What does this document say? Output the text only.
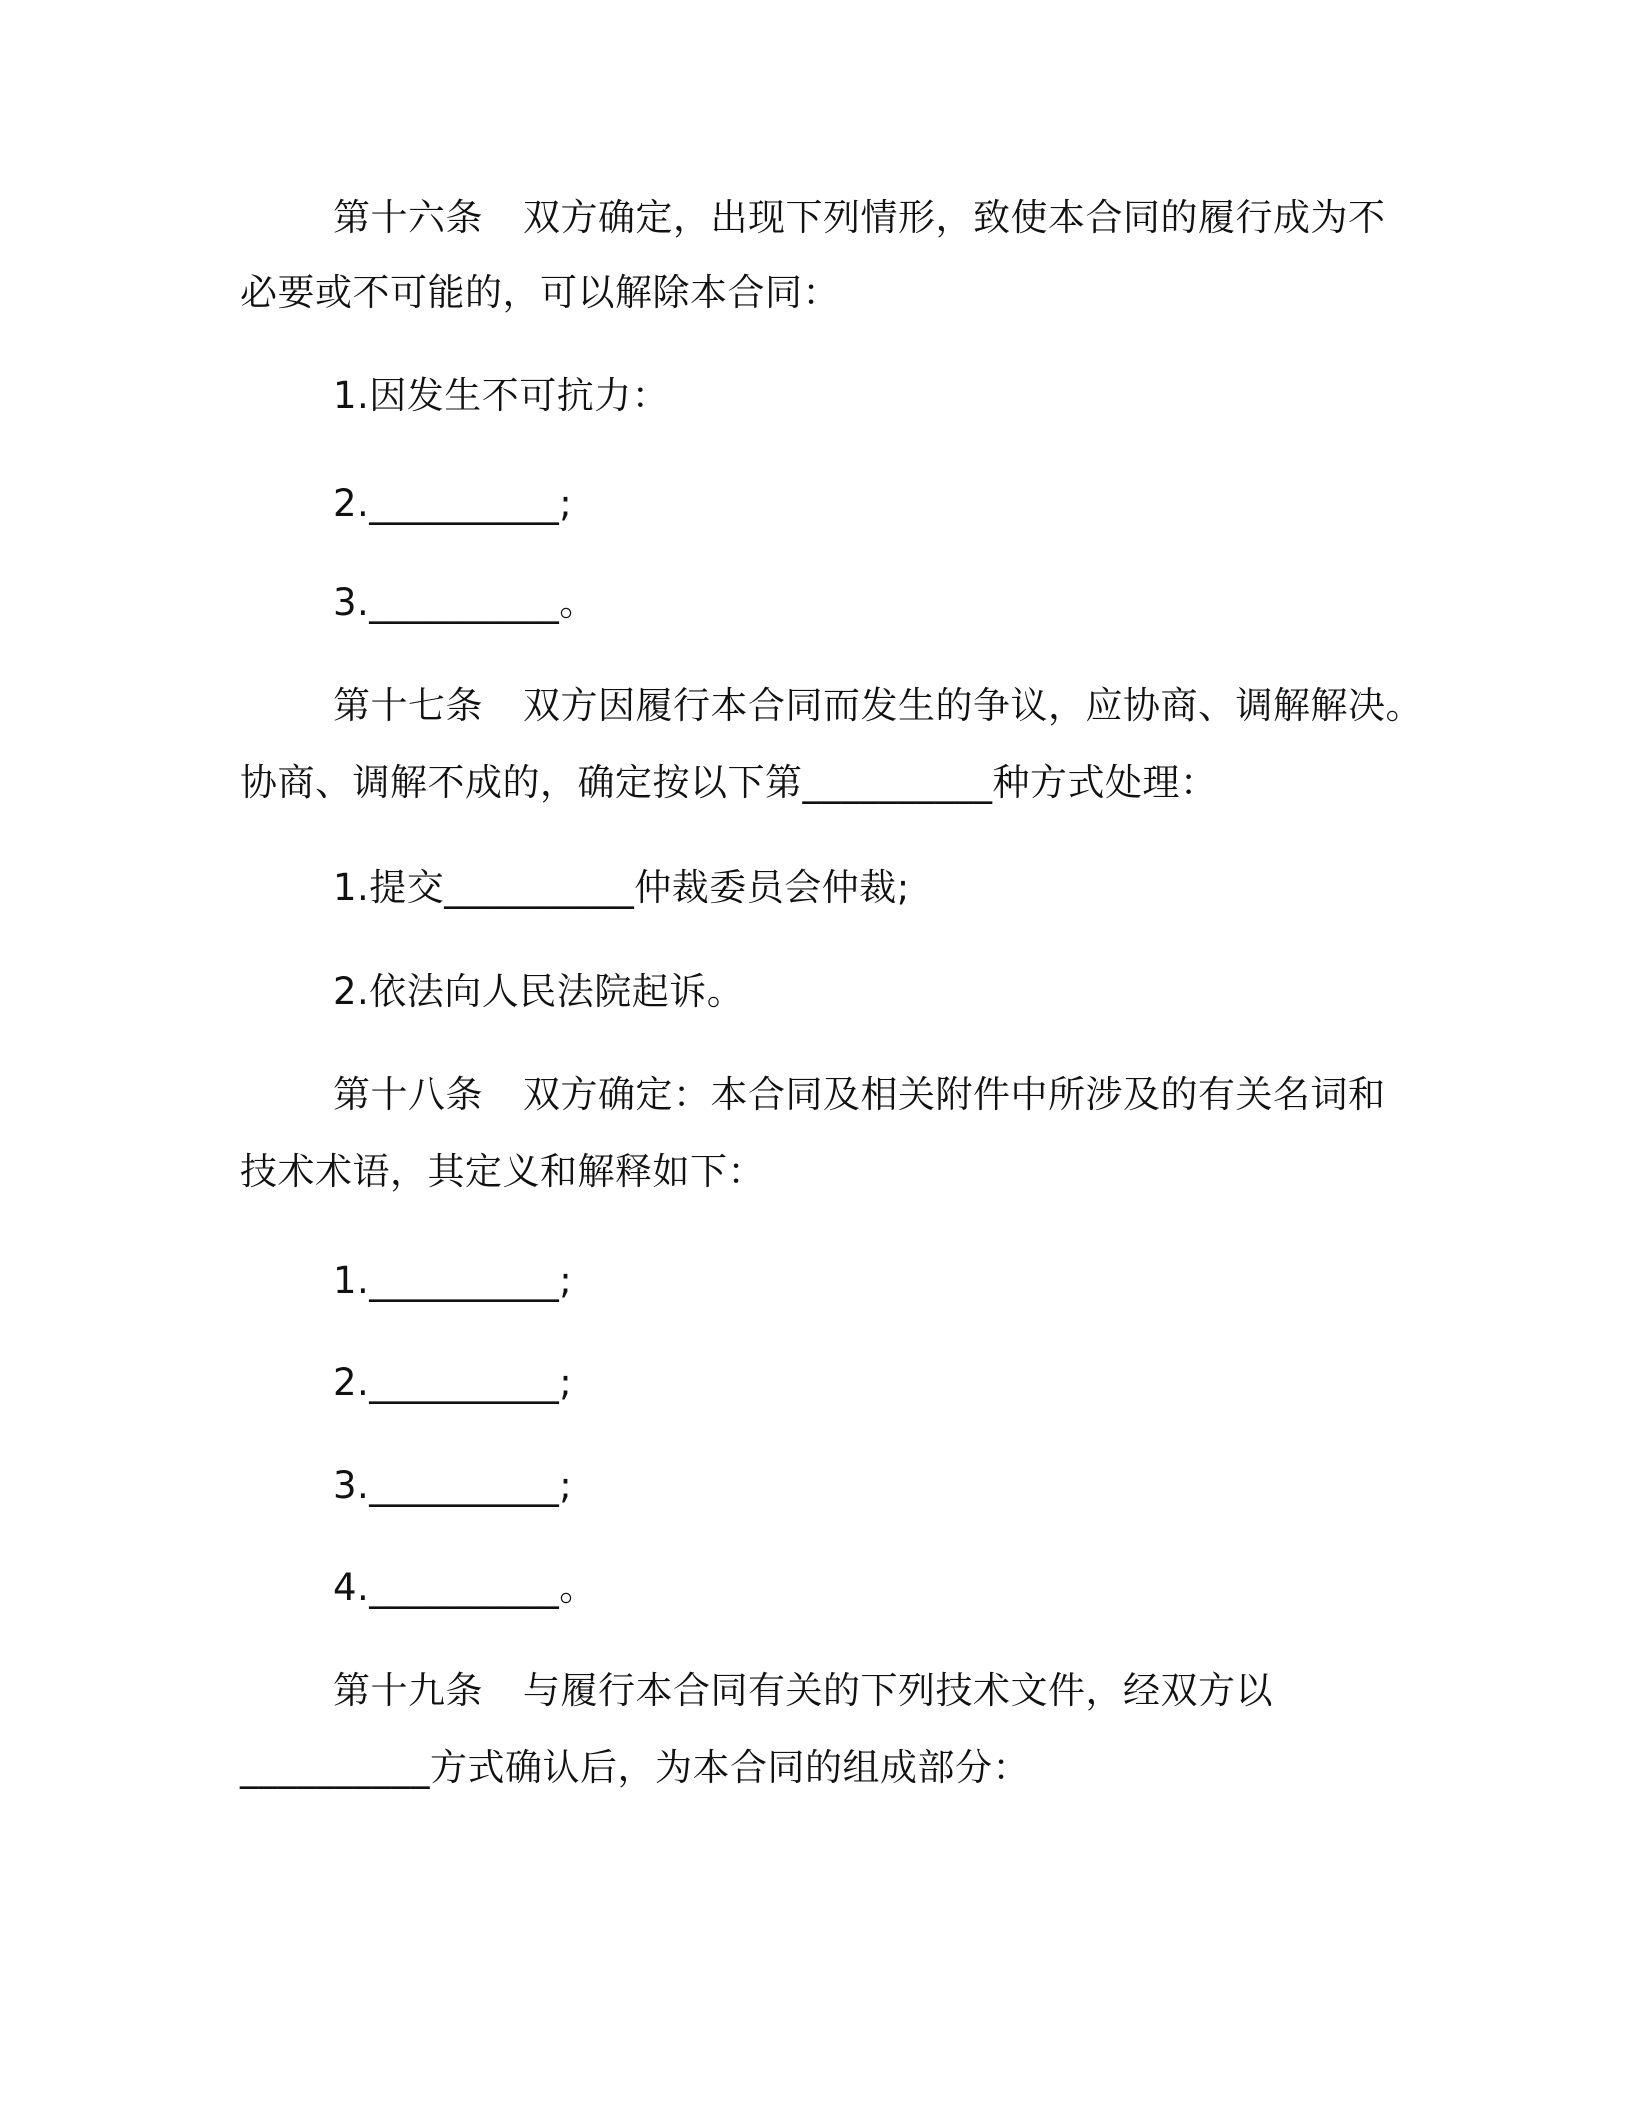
第十六条 双方确定，出现下列情形，致使本合同的履行成为不
必要或不可能的，可以解除本合同：
1.因发生不可抗力：
2.__________;
3.__________。
第十七条 双方因履行本合同而发生的争议，应协商、调解解决。
协商、调解不成的，确定按以下第__________种方式处理：
1.提交__________仲裁委员会仲裁;
2.依法向人民法院起诉。
第十八条 双方确定：本合同及相关附件中所涉及的有关名词和
技术术语，其定义和解释如下：
1.__________;
2.__________;
3.__________;
4.__________。
第十九条 与履行本合同有关的下列技术文件，经双方以
__________方式确认后，为本合同的组成部分：
